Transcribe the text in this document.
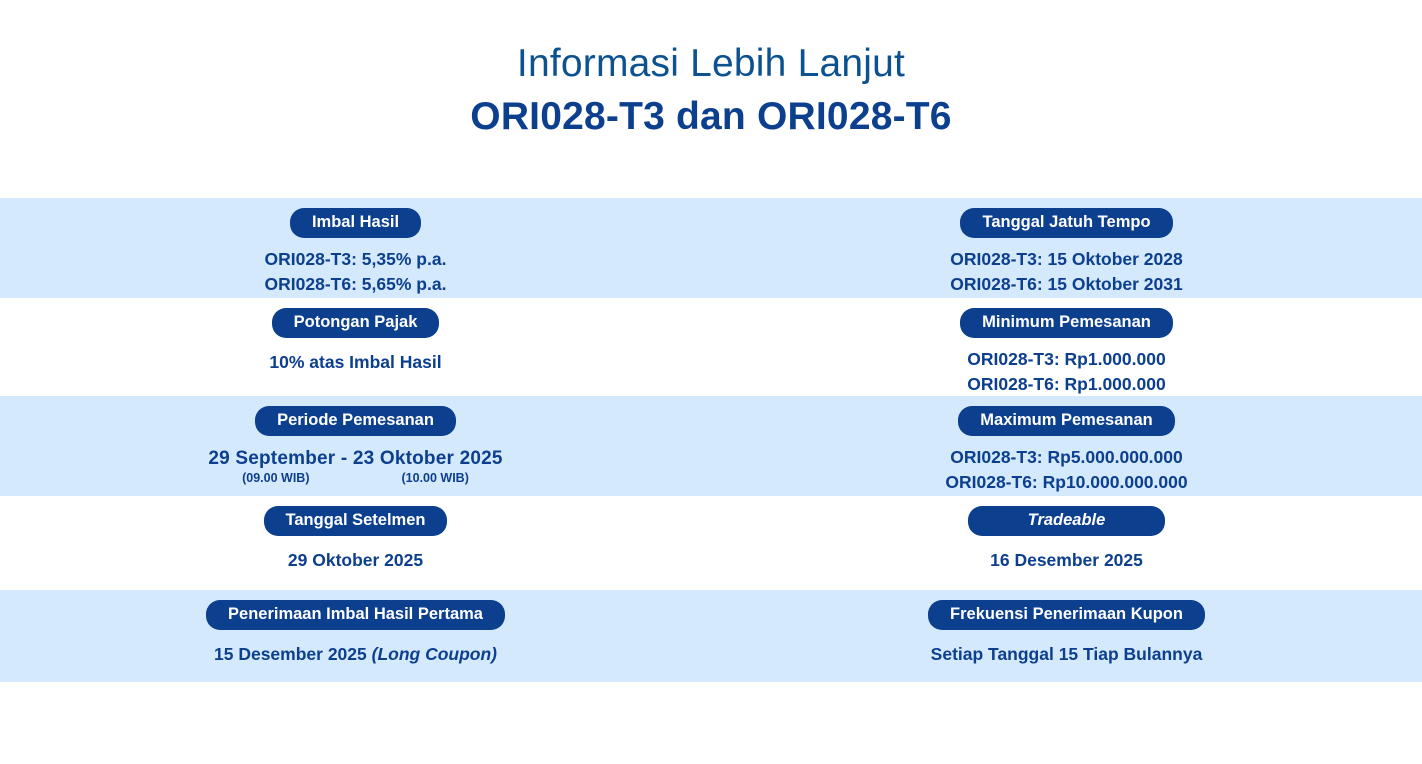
Informasi Lebih Lanjut
ORI028-T3 dan ORI028-T6
Imbal Hasil
ORI028-T3: 5,35% p.a.
ORI028-T6: 5,65% p.a.
Tanggal Jatuh Tempo
ORI028-T3: 15 Oktober 2028
ORI028-T6: 15 Oktober 2031
Potongan Pajak
10% atas Imbal Hasil
Minimum Pemesanan
ORI028-T3: Rp1.000.000
ORI028-T6: Rp1.000.000
Periode Pemesanan
29 September - 23 Oktober 2025
(09.00 WIB)	(10.00 WIB)
Maximum Pemesanan
ORI028-T3: Rp5.000.000.000
ORI028-T6: Rp10.000.000.000
Tanggal Setelmen
29 Oktober 2025
Tradeable
16 Desember 2025
Penerimaan Imbal Hasil Pertama
15 Desember 2025 (Long Coupon)
Frekuensi Penerimaan Kupon
Setiap Tanggal 15 Tiap Bulannya
